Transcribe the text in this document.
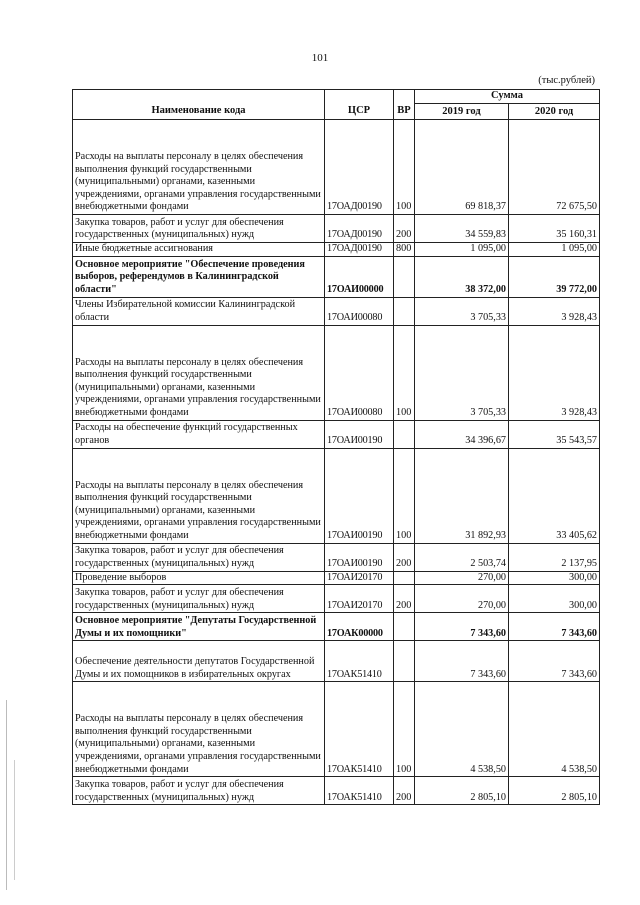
101
(тыс.рублей)
Наименование кода	ЦСР	ВР	Сумма	
			2019 год	2020 год
Расходы на выплаты персоналу в целях обеспечения выполнения функций государственными (муниципальными) органами, казенными учреждениями, органами управления государственными внебюджетными фондами	17ОАД00190	100	69 818,37	72 675,50
Закупка товаров, работ и услуг для обеспечения государственных (муниципальных) нужд	17ОАД00190	200	34 559,83	35 160,31
Иные бюджетные ассигнования	17ОАД00190	800	1 095,00	1 095,00
Основное мероприятие "Обеспечение проведения выборов, референдумов в Калининградской области"	17ОАИ00000		38 372,00	39 772,00
Члены Избирательной комиссии Калининградской области	17ОАИ00080		3 705,33	3 928,43
Расходы на выплаты персоналу в целях обеспечения выполнения функций государственными (муниципальными) органами, казенными учреждениями, органами управления государственными внебюджетными фондами	17ОАИ00080	100	3 705,33	3 928,43
Расходы на обеспечение функций государственных органов	17ОАИ00190		34 396,67	35 543,57
Расходы на выплаты персоналу в целях обеспечения выполнения функций государственными (муниципальными) органами, казенными учреждениями, органами управления государственными внебюджетными фондами	17ОАИ00190	100	31 892,93	33 405,62
Закупка товаров, работ и услуг для обеспечения государственных (муниципальных) нужд	17ОАИ00190	200	2 503,74	2 137,95
Проведение выборов	17ОАИ20170		270,00	300,00
Закупка товаров, работ и услуг для обеспечения государственных (муниципальных) нужд	17ОАИ20170	200	270,00	300,00
Основное мероприятие "Депутаты Государственной Думы и их помощники"	17ОАК00000		7 343,60	7 343,60
Обеспечение деятельности депутатов Государственной Думы и их помощников в избирательных округах	17ОАК51410		7 343,60	7 343,60
Расходы на выплаты персоналу в целях обеспечения выполнения функций государственными (муниципальными) органами, казенными учреждениями, органами управления государственными внебюджетными фондами	17ОАК51410	100	4 538,50	4 538,50
Закупка товаров, работ и услуг для обеспечения государственных (муниципальных) нужд	17ОАК51410	200	2 805,10	2 805,10
